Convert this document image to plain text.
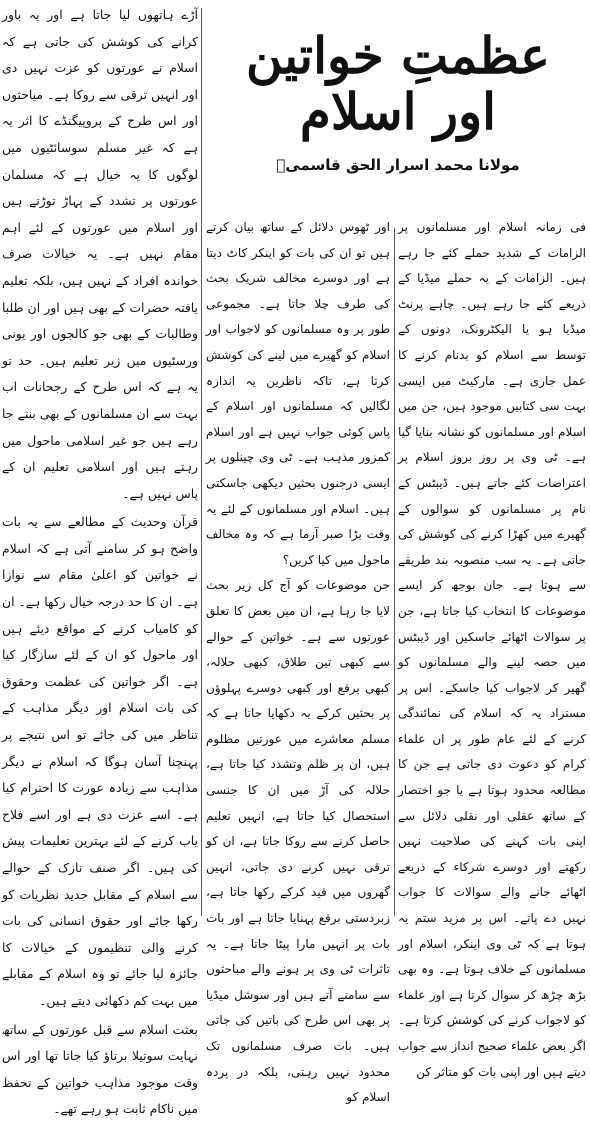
آڑے ہاتھوں لیا جاتا ہے اور یہ باور کرانے کی کوشش کی جاتی ہے کہ اسلام نے عورتوں کو عزت نہیں دی اور انہیں ترقی سے روکا ہے۔ میاحثوں اور اس طرح کے پروپیگنڈے کا اثر یہ ہے کہ غیر مسلم سوسائٹیوں میں لوگوں کا یہ خیال ہے کہ مسلمان عورتوں پر تشدد کے پہاڑ توڑتے ہیں اور اسلام میں عورتوں کے لئے اہم مقام نہیں ہے۔ یہ خیالات صرف خواندہ افراد کے نہیں ہیں، بلکہ تعلیم یافتہ حضرات کے بھی ہیں اور ان طلبا وطالبات کے بھی جو کالجوں اور یونی ورسٹیوں میں زیر تعلیم ہیں۔ حد تو یہ ہے کہ اس طرح کے رجحانات اب بہت سے ان مسلمانوں کے بھی بنتے جا رہے ہیں جو غیر اسلامی ماحول میں رہتے ہیں اور اسلامی تعلیم ان کے پاس نہیں ہے۔

قرآن وحدیث کے مطالعے سے یہ بات واضح ہو کر سامنے آتی ہے کہ اسلام نے خواتین کو اعلیٰ مقام سے نوازا ہے۔ ان کا حد درجہ خیال رکھا ہے۔ ان کو کامیاب کرنے کے مواقع دیئے ہیں اور ماحول کو ان کے لئے سازگار کیا ہے۔ اگر خواتین کی عظمت وحقوق کی بات اسلام اور دیگر مذاہب کے تناظر میں کی جائے تو اس نتیجے پر پہنچنا آسان ہوگا کہ اسلام نے دیگر مذاہب سے زیادہ عورت کا احترام کیا ہے۔ اسے عزت دی ہے اور اسے فلاح یاب کرنے کے لئے بہترین تعلیمات پیش کی ہیں۔ اگر صنف نازک کے حوالے سے اسلام کے مقابل جدید نظریات کو رکھا جائے اور حقوق انسانی کی بات کرنے والی تنظیموں کے خیالات کا جائزہ لیا جائے تو وہ اسلام کے مقابلے میں بہت کم دکھائی دیتے ہیں۔

بعثت اسلام سے قبل عورتوں کے ساتھ نہایت سوتیلا برتاؤ کیا جاتا تھا اور اس وقت موجود مذاہب خواتین کے تحفظ میں ناکام ثابت ہو رہے تھے۔

عظمتِ خواتین
اور اسلام
مولانا محمد اسرار الحق قاسمیؒ

اور ٹھوس دلائل کے ساتھ بیان کرتے ہیں تو ان کی بات کو اینکر کاٹ دیتا ہے اور دوسرے مخالف شریک بحث کی طرف چلا جاتا ہے۔ مجموعی طور پر وہ مسلمانوں کو لاجواب اور اسلام کو گھیرے میں لینے کی کوشش کرتا ہے، تاکہ ناظرین یہ اندازہ لگالیں کہ مسلمانوں اور اسلام کے پاس کوئی جواب نہیں ہے اور اسلام کمزور مذہب ہے۔ ٹی وی چینلوں پر ایسی درجنوں بحثیں دیکھی جاسکتی ہیں۔ اسلام اور مسلمانوں کے لئے یہ وقت بڑا صبر آزما ہے کہ وہ مخالف ماحول میں کیا کریں؟

جن موضوعات کو آج کل زیر بحث لایا جا رہا ہے، ان میں بعض کا تعلق عورتوں سے ہے۔ خواتین کے حوالے سے کبھی تین طلاق، کبھی حلالہ، کبھی برقع اور کبھی دوسرے پہلوؤں پر بحثیں کرکے یہ دکھایا جاتا ہے کہ مسلم معاشرے میں عورتیں مظلوم ہیں، ان پر ظلم وتشدد کیا جاتا ہے، حلالہ کی آڑ میں ان کا جنسی استحصال کیا جاتا ہے، انہیں تعلیم حاصل کرنے سے روکا جاتا ہے، ان کو ترقی نہیں کرنے دی جاتی، انہیں گھروں میں قید کرکے رکھا جاتا ہے، زبردستی برقع پہنایا جاتا ہے اور بات بات پر انہیں مارا پیٹا جاتا ہے۔ یہ تاثرات ٹی وی پر ہونے والے مباحثوں سے سامنے آتے ہیں اور سوشل میڈیا پر بھی اس طرح کی باتیں کی جاتی ہیں۔ بات صرف مسلمانوں تک محدود نہیں رہتی، بلکہ در پردہ اسلام کو

فی زمانہ اسلام اور مسلمانوں پر الزامات کے شدید حملے کئے جا رہے ہیں۔ الزامات کے یہ حملے میڈیا کے ذریعے کئے جا رہے ہیں۔ چاہے پرنٹ میڈیا ہو یا الیکٹرونک، دونوں کے توسط سے اسلام کو بدنام کرنے کا عمل جاری ہے۔ مارکیٹ میں ایسی بہت سی کتابیں موجود ہیں، جن میں اسلام اور مسلمانوں کو نشانہ بنایا گیا ہے۔ ٹی وی پر روز بروز اسلام پر اعتراضات کئے جاتے ہیں۔ ڈیبٹس کے نام پر مسلمانوں کو سوالوں کے گھیرے میں کھڑا کرنے کی کوشش کی جاتی ہے۔ یہ سب منصوبہ بند طریقے سے ہوتا ہے۔ جان بوجھ کر ایسے موضوعات کا انتخاب کیا جاتا ہے، جن پر سوالات اٹھائے جاسکیں اور ڈیبٹس میں حصہ لینے والے مسلمانوں کو گھیر کر لاجواب کیا جاسکے۔ اس پر مستزاد یہ کہ اسلام کی نمائندگی کرنے کے لئے عام طور پر ان علماء کرام کو دعوت دی جاتی ہے جن کا مطالعہ محدود ہوتا ہے یا جو اختصار کے ساتھ عقلی اور نقلی دلائل سے اپنی بات کہنے کی صلاحیت نہیں رکھتے اور دوسرے شرکاء کے ذریعے اٹھائے جانے والے سوالات کا جواب نہیں دے پاتے۔ اس پر مزید ستم یہ ہوتا ہے کہ ٹی وی اینکر، اسلام اور مسلمانوں کے خلاف ہوتا ہے۔ وہ بھی بڑھ چڑھ کر سوال کرتا ہے اور علماء کو لاجواب کرنے کی کوشش کرتا ہے۔ اگر بعض علماء صحیح انداز سے جواب دیتے ہیں اور اپنی بات کو متاثر کن
